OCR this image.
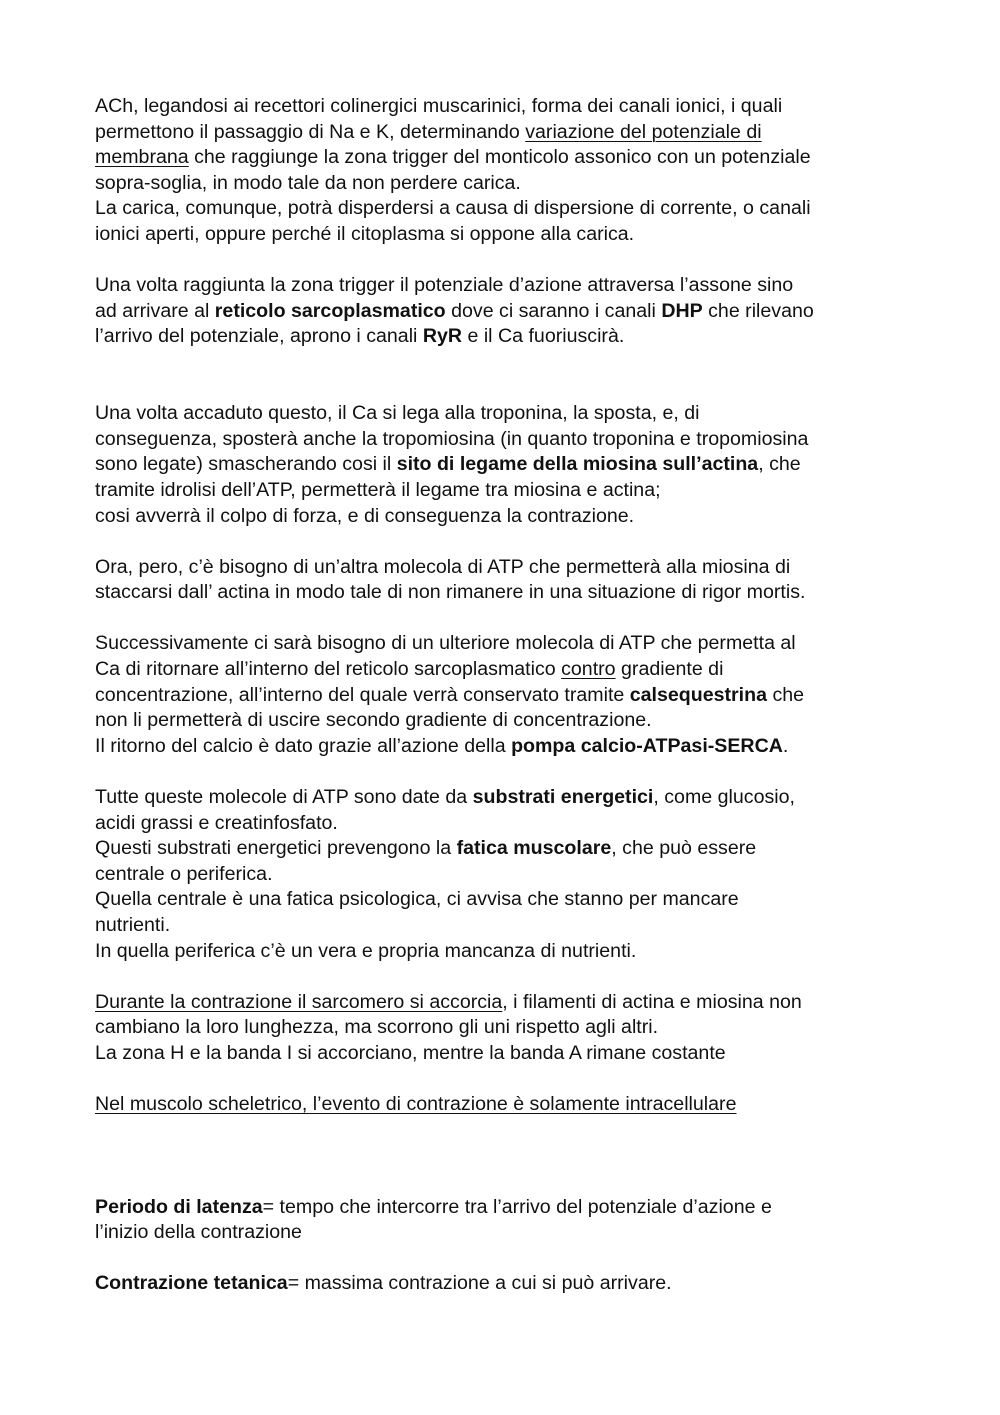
ACh, legandosi ai recettori colinergici muscarinici, forma dei canali ionici, i quali
permettono il passaggio di Na e K, determinando variazione del potenziale di
membrana che raggiunge la zona trigger del monticolo assonico con un potenziale
sopra-soglia, in modo tale da non perdere carica.
La carica, comunque, potrà disperdersi a causa di dispersione di corrente, o canali
ionici aperti, oppure perché il citoplasma si oppone alla carica.
Una volta raggiunta la zona trigger il potenziale d’azione attraversa l’assone sino
ad arrivare al reticolo sarcoplasmatico dove ci saranno i canali DHP che rilevano
l’arrivo del potenziale, aprono i canali RyR e il Ca fuoriuscirà.
Una volta accaduto questo, il Ca si lega alla troponina, la sposta, e, di
conseguenza, sposterà anche la tropomiosina (in quanto troponina e tropomiosina
sono legate) smascherando cosi il sito di legame della miosina sull’actina, che
tramite idrolisi dell’ATP, permetterà il legame tra miosina e actina;
cosi avverrà il colpo di forza, e di conseguenza la contrazione.
Ora, pero, c’è bisogno di un’altra molecola di ATP che permetterà alla miosina di
staccarsi dall’ actina in modo tale di non rimanere in una situazione di rigor mortis.
Successivamente ci sarà bisogno di un ulteriore molecola di ATP che permetta al
Ca di ritornare all’interno del reticolo sarcoplasmatico contro gradiente di
concentrazione, all’interno del quale verrà conservato tramite calsequestrina che
non li permetterà di uscire secondo gradiente di concentrazione.
Il ritorno del calcio è dato grazie all’azione della pompa calcio-ATPasi-SERCA.
Tutte queste molecole di ATP sono date da substrati energetici, come glucosio,
acidi grassi e creatinfosfato.
Questi substrati energetici prevengono la fatica muscolare, che può essere
centrale o periferica.
Quella centrale è una fatica psicologica, ci avvisa che stanno per mancare
nutrienti.
In quella periferica c’è un vera e propria mancanza di nutrienti.
Durante la contrazione il sarcomero si accorcia, i filamenti di actina e miosina non
cambiano la loro lunghezza, ma scorrono gli uni rispetto agli altri.
La zona H e la banda I si accorciano, mentre la banda A rimane costante
Nel muscolo scheletrico, l’evento di contrazione è solamente intracellulare
Periodo di latenza= tempo che intercorre tra l’arrivo del potenziale d’azione e
l’inizio della contrazione
Contrazione tetanica= massima contrazione a cui si può arrivare.
